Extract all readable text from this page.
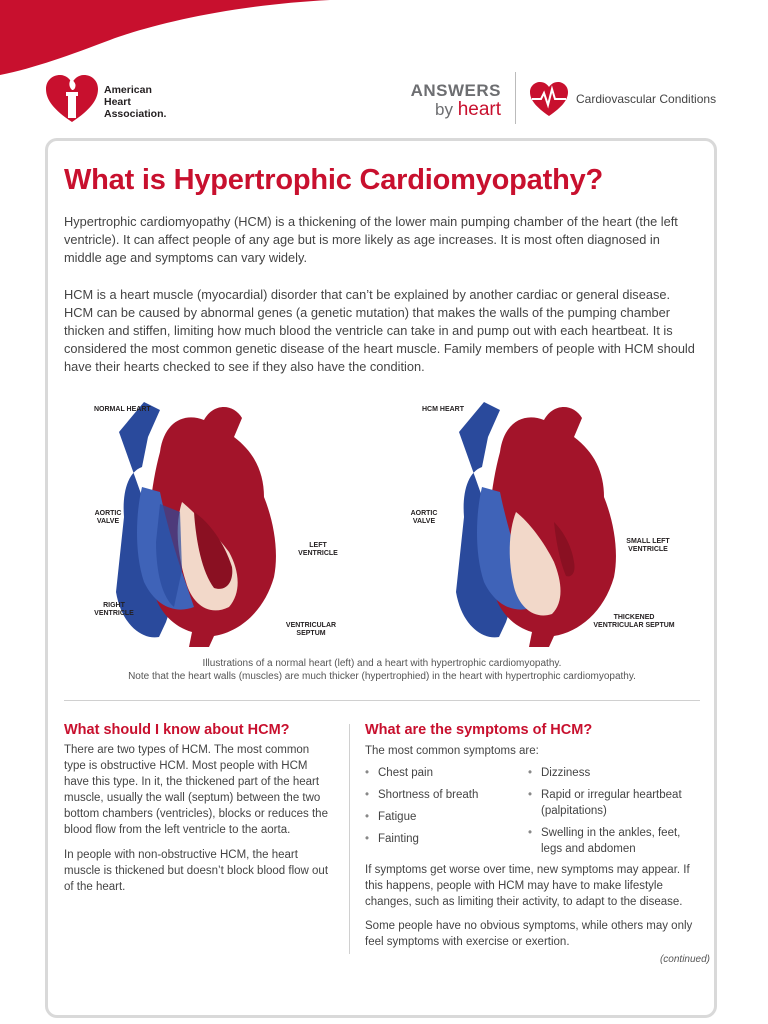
American
Heart
Association.
ANSWERS
by heart	Cardiovascular Conditions
What is Hypertrophic Cardiomyopathy?

Hypertrophic cardiomyopathy (HCM) is a thickening of the lower main pumping chamber of the heart (the left ventricle). It can affect people of any age but is more likely as age increases. It is most often diagnosed in middle age and symptoms can vary widely.

HCM is a heart muscle (myocardial) disorder that can’t be explained by another cardiac or general disease. HCM can be caused by abnormal genes (a genetic mutation) that makes the walls of the pumping chamber thicken and stiffen, limiting how much blood the ventricle can take in and pump out with each heartbeat. It is considered the most common genetic disease of the heart muscle. Family members of people with HCM should have their hearts checked to see if they also have the condition.

NORMAL HEART
AORTIC VALVE
LEFT VENTRICLE
RIGHT VENTRICLE
VENTRICULAR SEPTUM
HCM HEART
AORTIC VALVE
SMALL LEFT VENTRICLE
THICKENED VENTRICULAR SEPTUM
Illustrations of a normal heart (left) and a heart with hypertrophic cardiomyopathy.
Note that the heart walls (muscles) are much thicker (hypertrophied) in the heart with hypertrophic cardiomyopathy.
What should I know about HCM?

There are two types of HCM. The most common type is obstructive HCM. Most people with HCM have this type. In it, the thickened part of the heart muscle, usually the wall (septum) between the two bottom chambers (ventricles), blocks or reduces the blood flow from the left ventricle to the aorta.

In people with non-obstructive HCM, the heart muscle is thickened but doesn’t block blood flow out of the heart.

What are the symptoms of HCM?

The most common symptoms are:

• Chest pain
• Shortness of breath
• Fatigue
• Fainting
• Dizziness
• Rapid or irregular heartbeat (palpitations)
• Swelling in the ankles, feet, legs and abdomen

If symptoms get worse over time, new symptoms may appear. If this happens, people with HCM may have to make lifestyle changes, such as limiting their activity, to adapt to the disease.

Some people have no obvious symptoms, while others may only feel symptoms with exercise or exertion.

(continued)
